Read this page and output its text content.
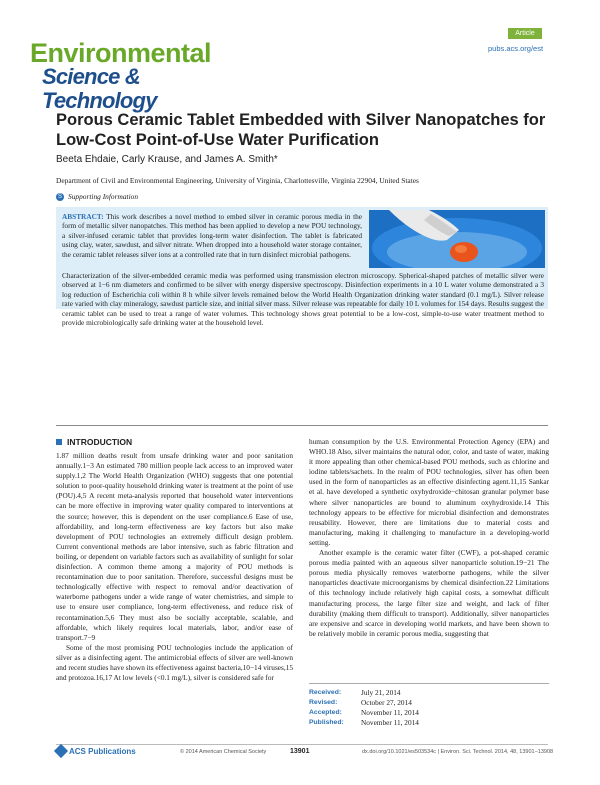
Environmental
Science & Technology
Article
pubs.acs.org/est
Porous Ceramic Tablet Embedded with Silver Nanopatches for Low-Cost Point-of-Use Water Purification
Beeta Ehdaie, Carly Krause, and James A. Smith*
Department of Civil and Environmental Engineering, University of Virginia, Charlottesville, Virginia 22904, United States
S Supporting Information
ABSTRACT: This work describes a novel method to embed silver in ceramic porous media in the form of metallic silver nanopatches. This method has been applied to develop a new POU technology, a silver-infused ceramic tablet that provides long-term water disinfection. The tablet is fabricated using clay, water, sawdust, and silver nitrate. When dropped into a household water storage container, the ceramic tablet releases silver ions at a controlled rate that in turn disinfect microbial pathogens.
Characterization of the silver-embedded ceramic media was performed using transmission electron microscopy. Spherical-shaped patches of metallic silver were observed at 1−6 nm diameters and confirmed to be silver with energy dispersive spectroscopy. Disinfection experiments in a 10 L water volume demonstrated a 3 log reduction of Escherichia coli within 8 h while silver levels remained below the World Health Organization drinking water standard (0.1 mg/L). Silver release rate varied with clay mineralogy, sawdust particle size, and initial silver mass. Silver release was repeatable for daily 10 L volumes for 154 days. Results suggest the ceramic tablet can be used to treat a range of water volumes. This technology shows great potential to be a low-cost, simple-to-use water treatment method to provide microbiologically safe drinking water at the household level.
INTRODUCTION

1.87 million deaths result from unsafe drinking water and poor sanitation annually.1−3 An estimated 780 million people lack access to an improved water supply.1,2 The World Health Organization (WHO) suggests that one potential solution to poor-quality household drinking water is treatment at the point of use (POU).4,5 A recent meta-analysis reported that household water interventions can be more effective in improving water quality compared to interventions at the source; however, this is dependent on the user compliance.6 Ease of use, affordability, and long-term effectiveness are key factors but also make development of POU technologies an extremely difficult design problem. Current conventional methods are labor intensive, such as fabric filtration and boiling, or dependent on variable factors such as availability of sunlight for solar disinfection. A common theme among a majority of POU methods is recontamination due to poor sanitation. Therefore, successful designs must be technologically effective with respect to removal and/or deactivation of waterborne pathogens under a wide range of water chemistries, and simple to use to ensure user compliance, long-term effectiveness, and reduce risk of recontamination.5,6 They must also be socially acceptable, scalable, and affordable, which likely requires local materials, labor, and/or ease of transport.7−9

Some of the most promising POU technologies include the application of silver as a disinfecting agent. The antimicrobial effects of silver are well-known and recent studies have shown its effectiveness against bacteria,10−14 viruses,15 and protozoa.16,17 At low levels (<0.1 mg/L), silver is considered safe for

human consumption by the U.S. Environmental Protection Agency (EPA) and WHO.18 Also, silver maintains the natural odor, color, and taste of water, making it more appealing than other chemical-based POU methods, such as chlorine and iodine tablets/sachets. In the realm of POU technologies, silver has often been used in the form of nanoparticles as an effective disinfecting agent.11,15 Sankar et al. have developed a synthetic oxyhydroxide−chitosan granular polymer base where silver nanoparticles are bound to aluminum oxyhydroxide.14 This technology appears to be effective for microbial disinfection and demonstrates reusability. However, there are limitations due to material costs and manufacturing, making it challenging to manufacture in a developing-world setting.

Another example is the ceramic water filter (CWF), a pot-shaped ceramic porous media painted with an aqueous silver nanoparticle solution.19−21 The porous media physically removes waterborne pathogens, while the silver nanoparticles deactivate microorganisms by chemical disinfection.22 Limitations of this technology include relatively high capital costs, a somewhat difficult manufacturing process, the large filter size and weight, and lack of filter durability (making them difficult to transport). Additionally, silver nanoparticles are expensive and scarce in developing world markets, and have been shown to be relatively mobile in ceramic porous media, suggesting that

Received:	July 21, 2014
Revised:	October 27, 2014
Accepted:	November 11, 2014
Published:	November 11, 2014
ACS Publications	© 2014 American Chemical Society	13901	dx.doi.org/10.1021/es503534c | Environ. Sci. Technol. 2014, 48, 13901−13908
